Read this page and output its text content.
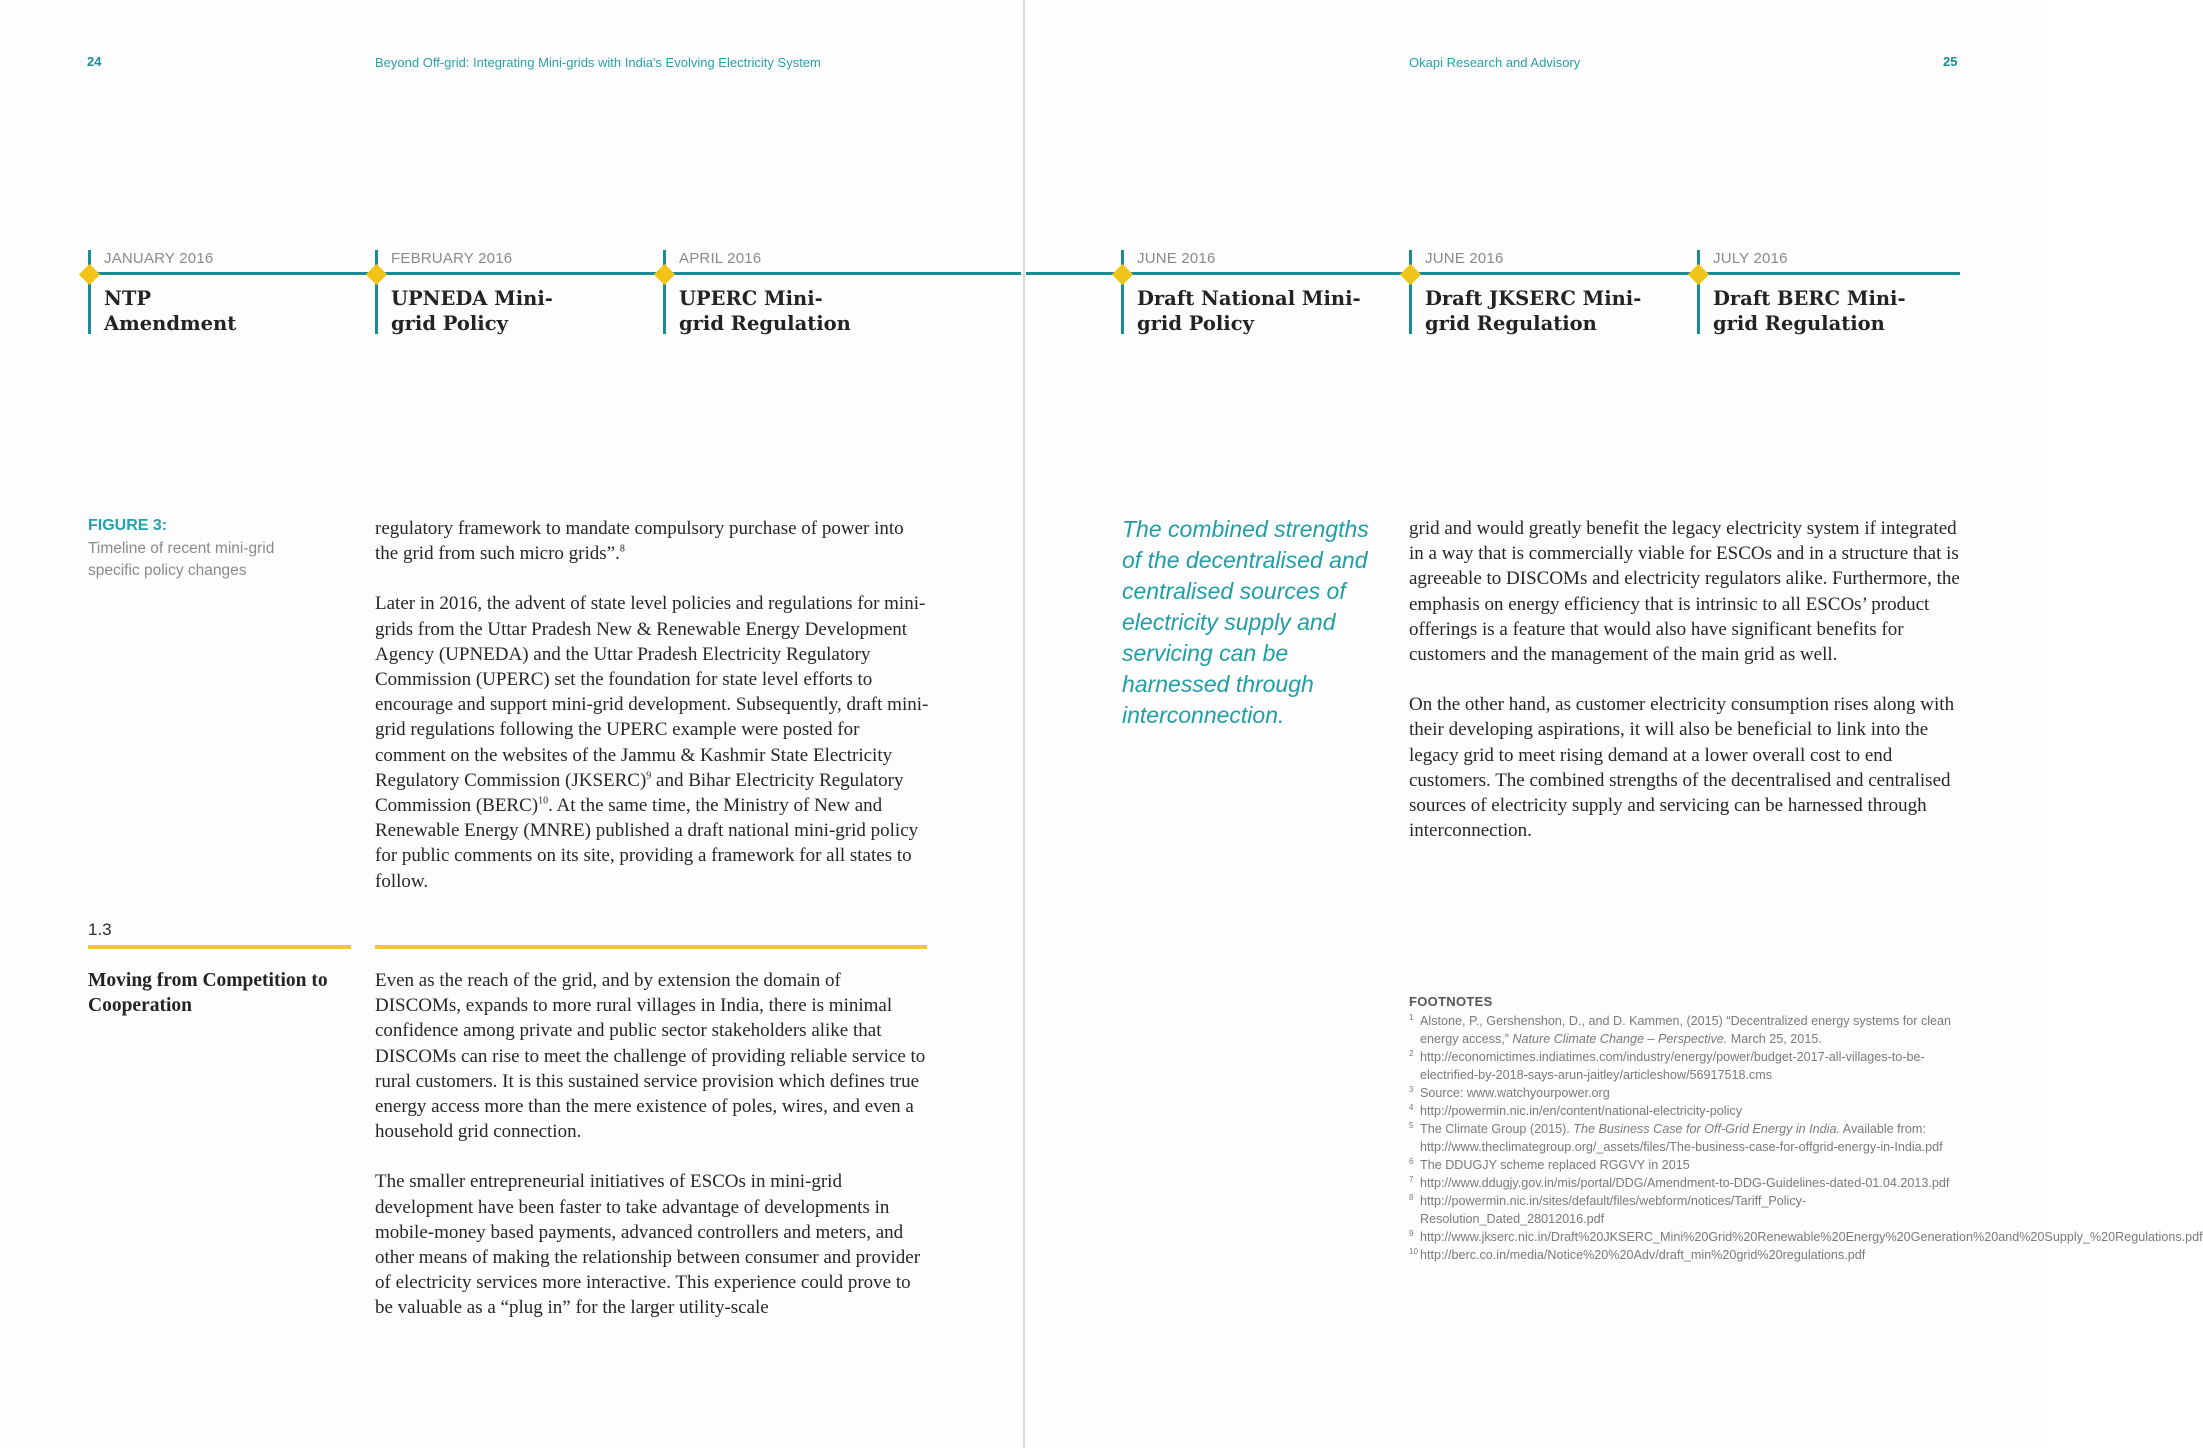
24	Beyond Off-grid: Integrating Mini-grids with India's Evolving Electricity System	Okapi Research and Advisory	25
JANUARY 2016
NTP Amendment
FEBRUARY 2016
UPNEDA Mini-grid Policy
APRIL 2016
UPERC Mini-grid Regulation
JUNE 2016
Draft National Mini-grid Policy
JUNE 2016
Draft JKSERC Mini-grid Regulation
JULY 2016
Draft BERC Mini-grid Regulation
FIGURE 3:
Timeline of recent mini-grid specific policy changes

regulatory framework to mandate compulsory purchase of power into the grid from such micro grids”.$^8$

Later in 2016, the advent of state level policies and regulations for mini-grids from the Uttar Pradesh New & Renewable Energy Development Agency (UPNEDA) and the Uttar Pradesh Electricity Regulatory Commission (UPERC) set the foundation for state level efforts to encourage and support mini-grid development. Subsequently, draft mini-grid regulations following the UPERC example were posted for comment on the websites of the Jammu & Kashmir State Electricity Regulatory Commission (JKSERC)$^9$ and Bihar Electricity Regulatory Commission (BERC)$^{10}$. At the same time, the Ministry of New and Renewable Energy (MNRE) published a draft national mini-grid policy for public comments on its site, providing a framework for all states to follow.

1.3
Moving from Competition to Cooperation

Even as the reach of the grid, and by extension the domain of DISCOMs, expands to more rural villages in India, there is minimal confidence among private and public sector stakeholders alike that DISCOMs can rise to meet the challenge of providing reliable service to rural customers. It is this sustained service provision which defines true energy access more than the mere existence of poles, wires, and even a household grid connection.

The smaller entrepreneurial initiatives of ESCOs in mini-grid development have been faster to take advantage of developments in mobile-money based payments, advanced controllers and meters, and other means of making the relationship between consumer and provider of electricity services more interactive. This experience could prove to be valuable as a “plug in” for the larger utility-scale

The combined strengths of the decentralised and centralised sources of electricity supply and servicing can be harnessed through interconnection.

grid and would greatly benefit the legacy electricity system if integrated in a way that is commercially viable for ESCOs and in a structure that is agreeable to DISCOMs and electricity regulators alike. Furthermore, the emphasis on energy efficiency that is intrinsic to all ESCOs’ product offerings is a feature that would also have significant benefits for customers and the management of the main grid as well.

On the other hand, as customer electricity consumption rises along with their developing aspirations, it will also be beneficial to link into the legacy grid to meet rising demand at a lower overall cost to end customers. The combined strengths of the decentralised and centralised sources of electricity supply and servicing can be harnessed through interconnection.

FOOTNOTES
1 Alstone, P., Gershenshon, D., and D. Kammen, (2015) “Decentralized energy systems for clean energy access,” Nature Climate Change – Perspective. March 25, 2015.
2 http://economictimes.indiatimes.com/industry/energy/power/budget-2017-all-villages-to-be-electrified-by-2018-says-arun-jaitley/articleshow/56917518.cms
3 Source: www.watchyourpower.org
4 http://powermin.nic.in/en/content/national-electricity-policy
5 The Climate Group (2015). The Business Case for Off-Grid Energy in India. Available from: http://www.theclimategroup.org/_assets/files/The-business-case-for-offgrid-energy-in-India.pdf
6 The DDUGJY scheme replaced RGGVY in 2015
7 http://www.ddugjy.gov.in/mis/portal/DDG/Amendment-to-DDG-Guidelines-dated-01.04.2013.pdf
8 http://powermin.nic.in/sites/default/files/webform/notices/Tariff_Policy-Resolution_Dated_28012016.pdf
9 http://www.jkserc.nic.in/Draft%20JKSERC_Mini%20Grid%20Renewable%20Energy%20Generation%20and%20Supply_%20Regulations.pdf
10 http://berc.co.in/media/Notice%20%20Adv/draft_min%20grid%20regulations.pdf
